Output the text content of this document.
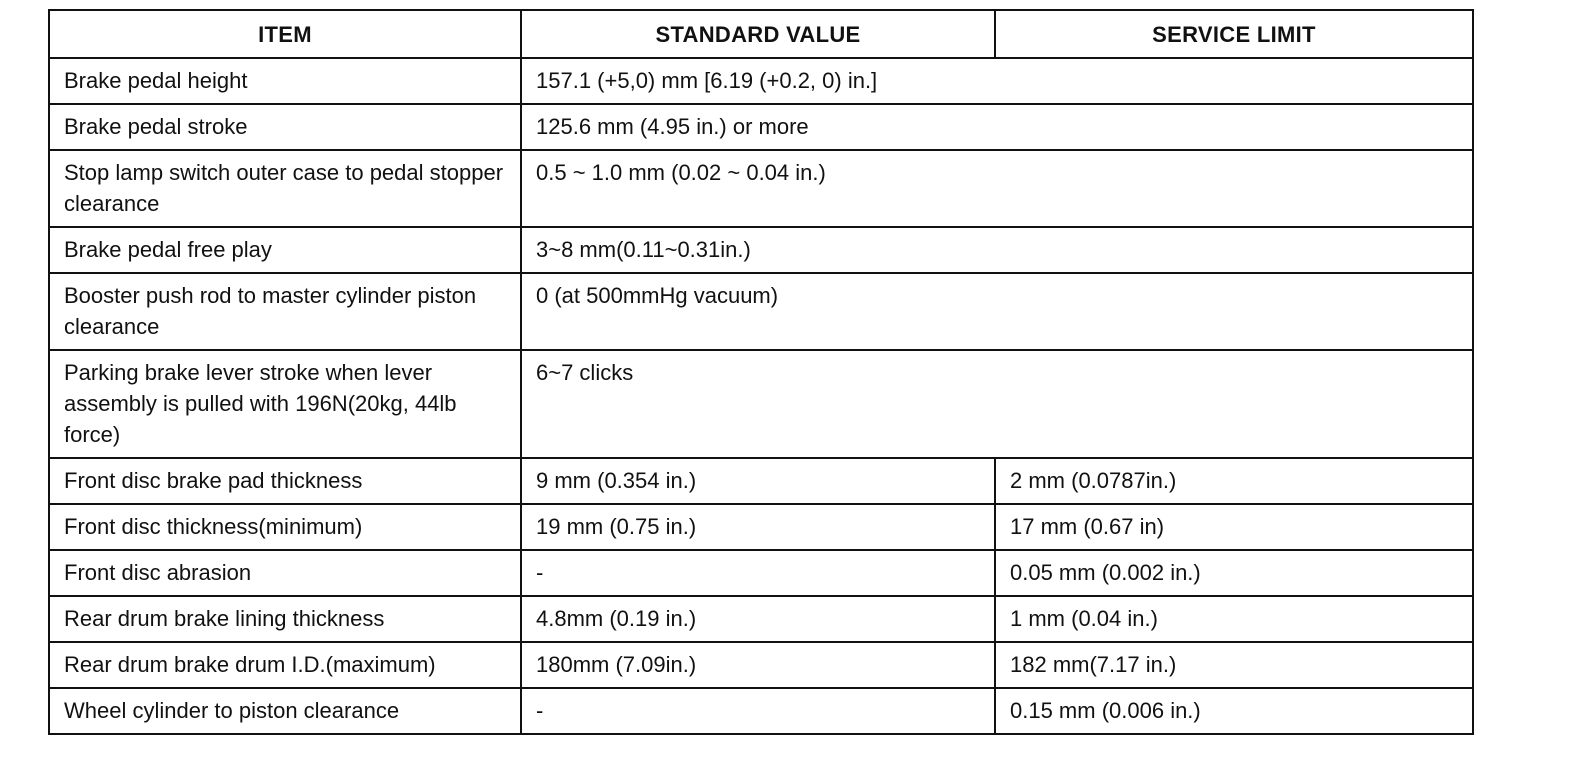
ITEM	STANDARD VALUE	SERVICE LIMIT
Brake pedal height	157.1 (+5,0) mm [6.19 (+0.2, 0) in.]	
Brake pedal stroke	125.6 mm (4.95 in.) or more	
Stop lamp switch outer case to pedal stopper clearance	0.5 ~ 1.0 mm (0.02 ~ 0.04 in.)	
Brake pedal free play	3~8 mm(0.11~0.31in.)	
Booster push rod to master cylinder piston clearance	0 (at 500mmHg vacuum)	
Parking brake lever stroke when lever assembly is pulled with 196N(20kg, 44lb force)	6~7 clicks	
Front disc brake pad thickness	9 mm (0.354 in.)	2 mm (0.0787in.)
Front disc thickness(minimum)	19 mm (0.75 in.)	17 mm (0.67 in)
Front disc abrasion	-	0.05 mm (0.002 in.)
Rear drum brake lining thickness	4.8mm (0.19 in.)	1 mm (0.04 in.)
Rear drum brake drum I.D.(maximum)	180mm (7.09in.)	182 mm(7.17 in.)
Wheel cylinder to piston clearance	-	0.15 mm (0.006 in.)
